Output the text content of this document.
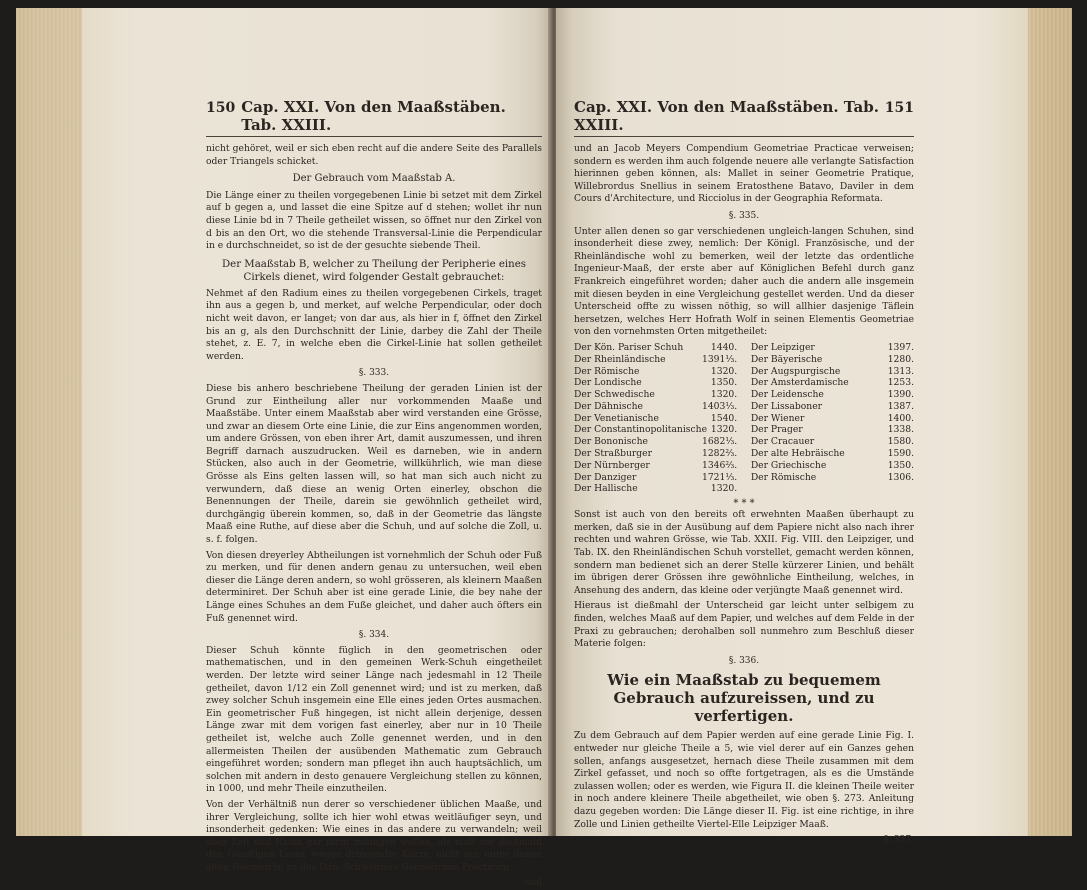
150 Cap. XXI. Von den Maaßstäben. Tab. XXIII.

nicht gehöret, weil er sich eben recht auf die andere Seite des Parallels oder Triangels schicket.

Der Gebrauch vom Maaßstab A.

Die Länge einer zu theilen vorgegebenen Linie bi setzet mit dem Zirkel auf b gegen a, und lasset die eine Spitze auf d stehen; wollet ihr nun diese Linie bd in 7 Theile getheilet wissen, so öffnet nur den Zirkel von d bis an den Ort, wo die stehende Transversal-Linie die Perpendicular in e durchschneidet, so ist de der gesuchte siebende Theil.

Der Maaßstab B, welcher zu Theilung der Peripherie eines Cirkels dienet, wird folgender Gestalt gebrauchet:

Nehmet af den Radium eines zu theilen vorgegebenen Cirkels, traget ihn aus a gegen b, und merket, auf welche Perpendicular, oder doch nicht weit davon, er langet; von dar aus, als hier in f, öffnet den Zirkel bis an g, als den Durchschnitt der Linie, darbey die Zahl der Theile stehet, z. E. 7, in welche eben die Cirkel-Linie hat sollen getheilet werden.

§. 333.

Diese bis anhero beschriebene Theilung der geraden Linien ist der Grund zur Eintheilung aller nur vorkommenden Maaße und Maaßstäbe. Unter einem Maaßstab aber wird verstanden eine Grösse, und zwar an diesem Orte eine Linie, die zur Eins angenommen worden, um andere Grössen, von eben ihrer Art, damit auszumessen, und ihren Begriff darnach auszudrucken. Weil es darneben, wie in andern Stücken, also auch in der Geometrie, willkührlich, wie man diese Grösse als Eins gelten lassen will, so hat man sich auch nicht zu verwundern, daß diese an wenig Orten einerley, obschon die Benennungen der Theile, darein sie gewöhnlich getheilet wird, durchgängig überein kommen, so, daß in der Geometrie das längste Maaß eine Ruthe, auf diese aber die Schuh, und auf solche die Zoll, u. s. f. folgen.

Von diesen dreyerley Abtheilungen ist vornehmlich der Schuh oder Fuß zu merken, und für denen andern genau zu untersuchen, weil eben dieser die Länge deren andern, so wohl grösseren, als kleinern Maaßen determiniret. Der Schuh aber ist eine gerade Linie, die bey nahe der Länge eines Schuhes an dem Fuße gleichet, und daher auch öfters ein Fuß genennet wird.

§. 334.

Dieser Schuh könnte füglich in den geometrischen oder mathematischen, und in den gemeinen Werk-Schuh eingetheilet werden. Der letzte wird seiner Länge nach jedesmahl in 12 Theile getheilet, davon 1/12 ein Zoll genennet wird; und ist zu merken, daß zwey solcher Schuh insgemein eine Elle eines jeden Ortes ausmachen. Ein geometrischer Fuß hingegen, ist nicht allein derjenige, dessen Länge zwar mit dem vorigen fast einerley, aber nur in 10 Theile getheilet ist, welche auch Zolle genennet werden, und in den allermeisten Theilen der ausübenden Mathematic zum Gebrauch eingeführet worden; sondern man pfleget ihn auch hauptsächlich, um solchen mit andern in desto genauere Vergleichung stellen zu können, in 1000, und mehr Theile einzutheilen.

Von der Verhältniß nun derer so verschiedener üblichen Maaße, und ihrer Vergleichung, sollte ich hier wohl etwas weitläufiger seyn, und insonderheit gedenken: Wie eines in das andere zu verwandeln; weil aber Zeit und Raum gar nicht zulangen wollen, als muß vor dießmahl den Günstigen Leser, wegen dringender Kürze, nicht nur unter denen alten Geometris, zu des Dan. Schwenters Geometriam Practicam

und
Cap. XXI. Von den Maaßstäben. Tab. XXIII.
151

und an Jacob Meyers Compendium Geometriae Practicae verweisen; sondern es werden ihm auch folgende neuere alle verlangte Satisfaction hierinnen geben können, als: Mallet in seiner Geometrie Pratique, Willebrordus Snellius in seinem Eratosthene Batavo, Daviler in dem Cours d'Architecture, und Ricciolus in der Geographia Reformata.

§. 335.

Unter allen denen so gar verschiedenen ungleich-langen Schuhen, sind insonderheit diese zwey, nemlich: Der Königl. Französische, und der Rheinländische wohl zu bemerken, weil der letzte das ordentliche Ingenieur-Maaß, der erste aber auf Königlichen Befehl durch ganz Frankreich eingeführet worden; daher auch die andern alle insgemein mit diesen beyden in eine Vergleichung gestellet werden. Und da dieser Unterscheid offte zu wissen nöthig, so will allhier dasjenige Täflein hersetzen, welches Herr Hofrath Wolf in seinen Elementis Geometriae von den vornehmsten Orten mitgetheilet:

Der Kön. Pariser Schuh	1440.
Der Rheinländische	1391⅓.
Der Römische	1320.
Der Londische	1350.
Der Schwedische	1320.
Der Dähnische	1403⅓.
Der Venetianische	1540.
Der Constantinopolitanische 1320.
Der Bononische	1682⅓.
Der Straßburger	1282⅔.
Der Nürnberger	1346⅔.
Der Danziger	1721⅓.
Der Hallische	1320.
Der Leipziger	1397.
Der Bäyerische	1280.
Der Augspurgische	1313.
Der Amsterdamische	1253.
Der Leidensche	1390.
Der Lissaboner	1387.
Der Wiener	1400.
Der Prager	1338.
Der Cracauer	1580.
Der alte Hebräische	1590.
Der Griechische	1350.
Der Römische	1306.
* * *

Sonst ist auch von den bereits oft erwehnten Maaßen überhaupt zu merken, daß sie in der Ausübung auf dem Papiere nicht also nach ihrer rechten und wahren Grösse, wie Tab. XXII. Fig. VIII. den Leipziger, und Tab. IX. den Rheinländischen Schuh vorstellet, gemacht werden können, sondern man bedienet sich an derer Stelle kürzerer Linien, und behält im übrigen derer Grössen ihre gewöhnliche Eintheilung, welches, in Ansehung des andern, das kleine oder verjüngte Maaß genennet wird.

Hieraus ist dießmahl der Unterscheid gar leicht unter selbigem zu finden, welches Maaß auf dem Papier, und welches auf dem Felde in der Praxi zu gebrauchen; derohalben soll nunmehro zum Beschluß dieser Materie folgen:

§. 336.
Wie ein Maaßstab zu bequemem Gebrauch aufzureissen, und zu verfertigen.

Zu dem Gebrauch auf dem Papier werden auf eine gerade Linie Fig. I. entweder nur gleiche Theile a 5, wie viel derer auf ein Ganzes gehen sollen, anfangs ausgesetzet, hernach diese Theile zusammen mit dem Zirkel gefasset, und noch so offte fortgetragen, als es die Umstände zulassen wollen; oder es werden, wie Figura II. die kleinen Theile weiter in noch andere kleinere Theile abgetheilet, wie oben §. 273. Anleitung dazu gegeben worden: Die Länge dieser II. Fig. ist eine richtige, in ihre Zolle und Linien getheilte Viertel-Elle Leipziger Maaß.

§. 337.
